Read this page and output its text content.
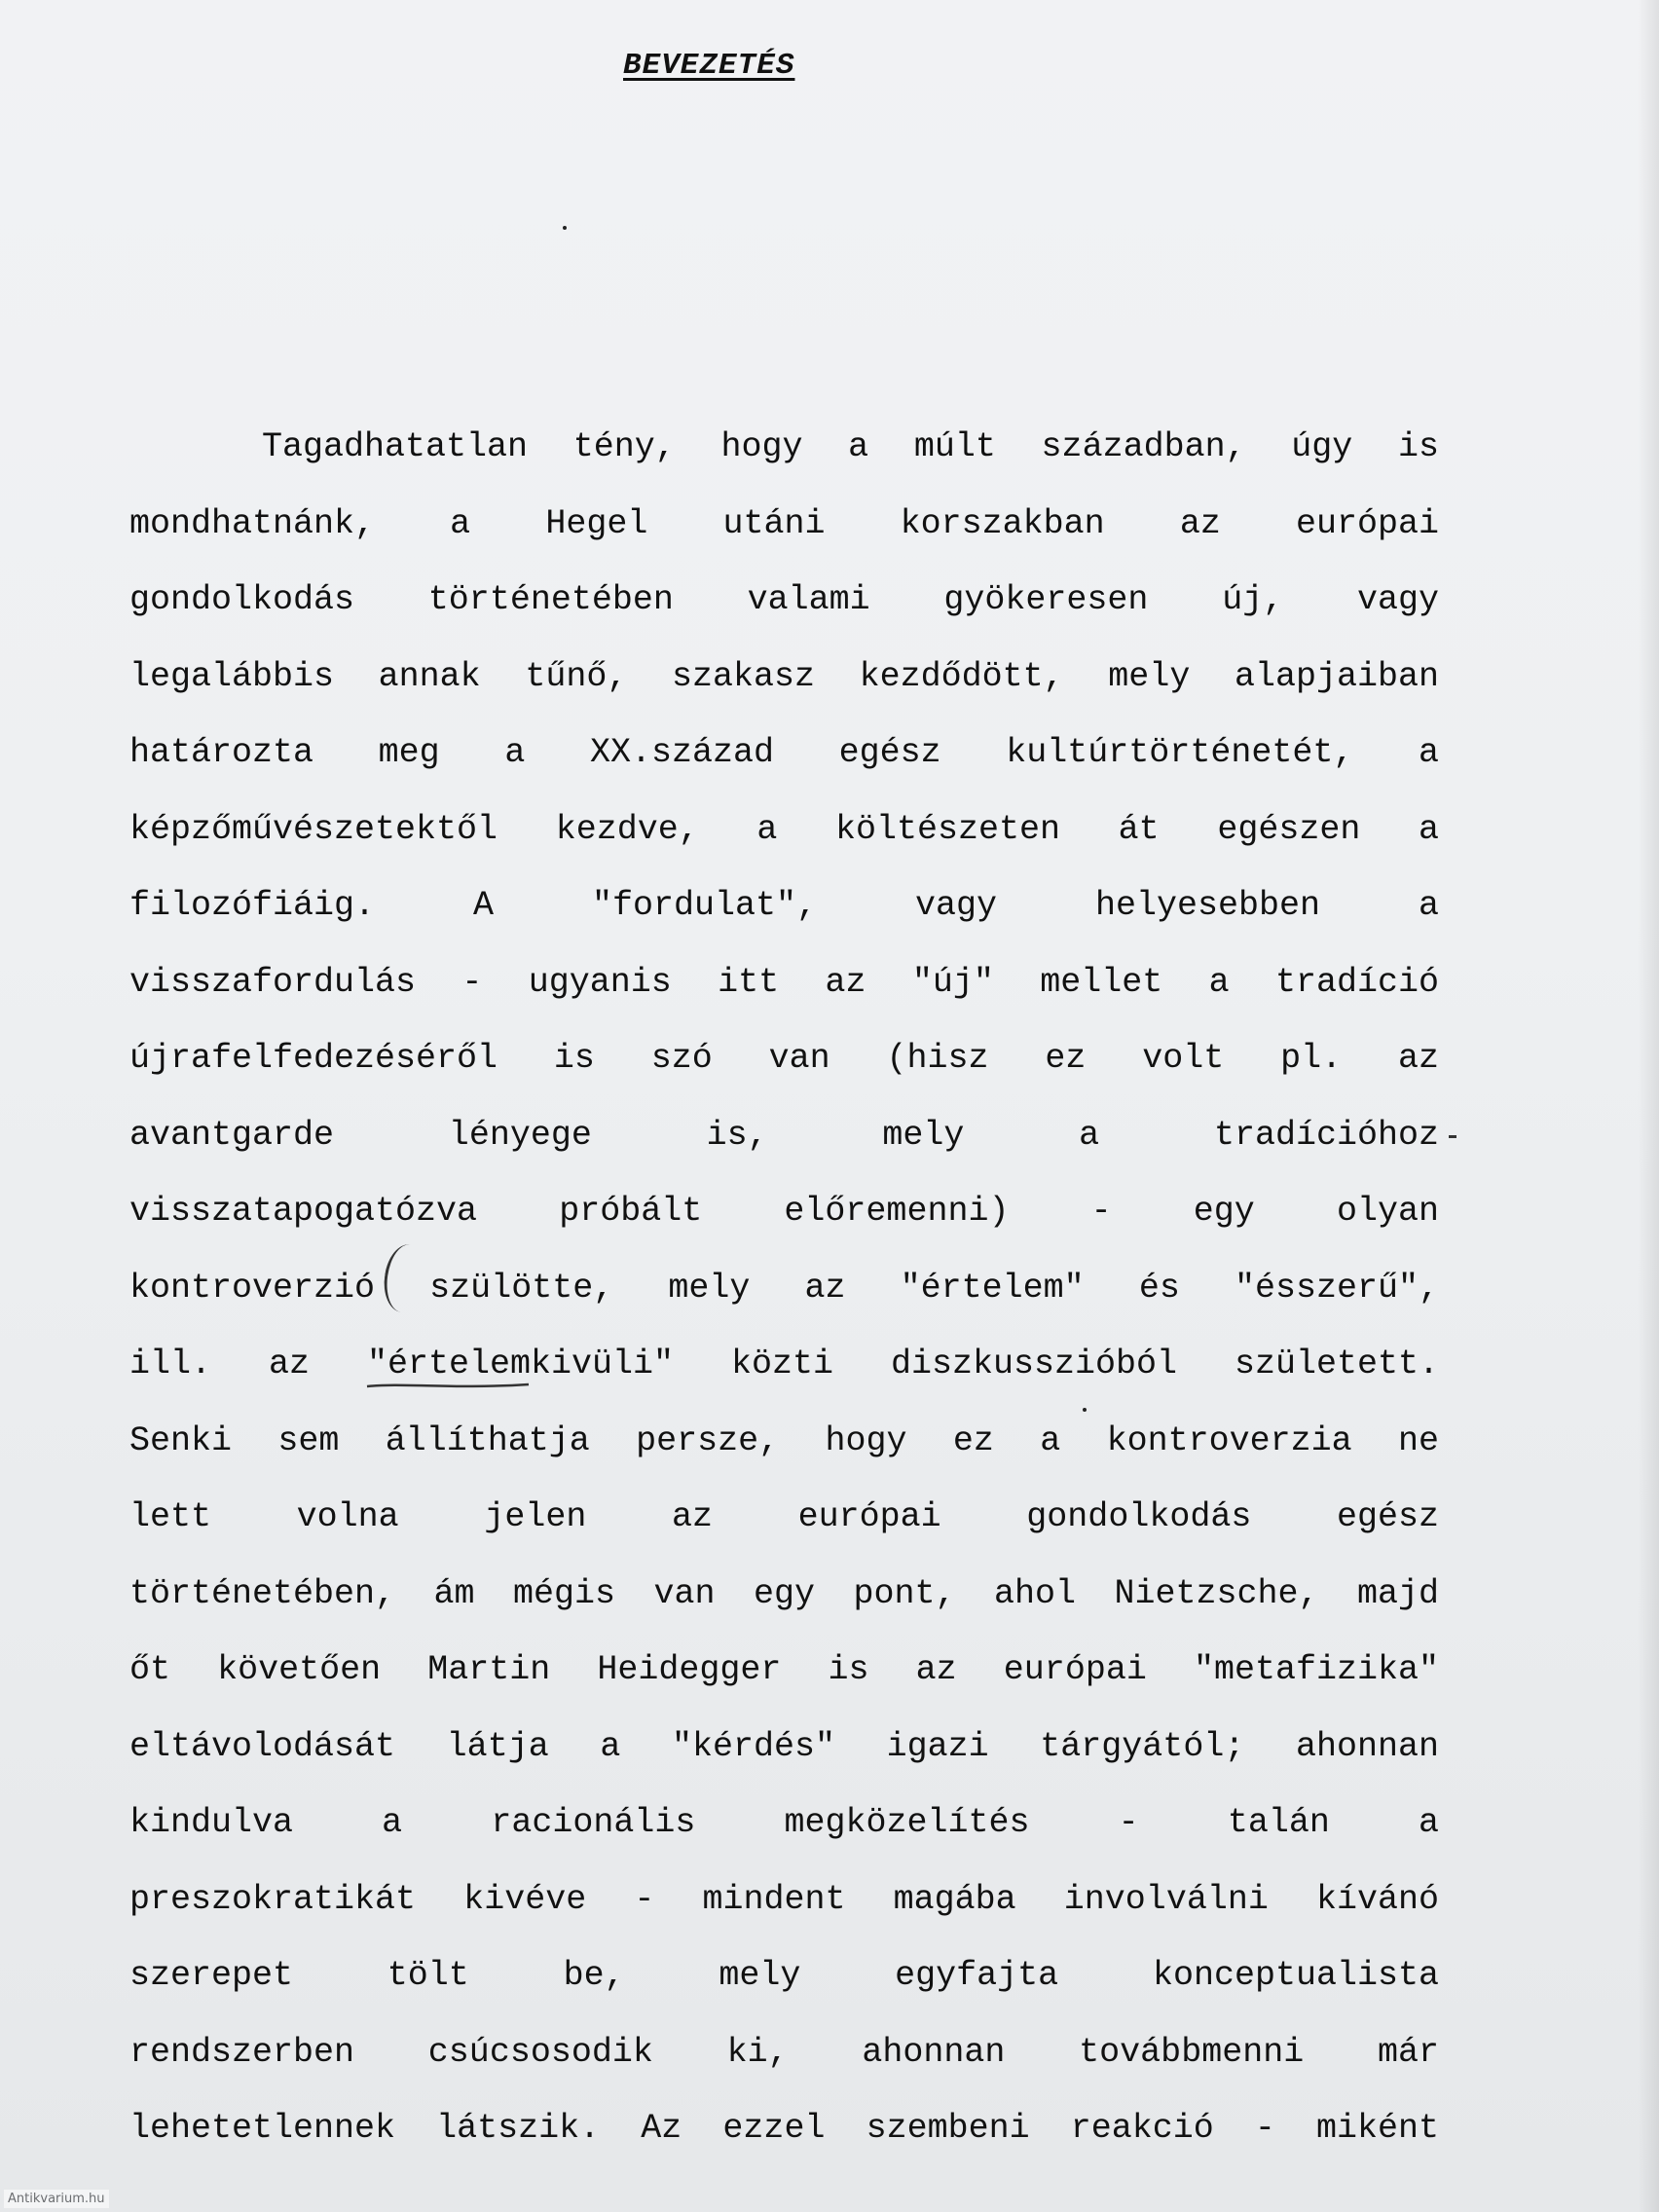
BEVEZETÉS
Tagadhatatlan tény, hogy a múlt században, úgy is
mondhatnánk, a Hegel utáni korszakban az európai
gondolkodás történetében valami gyökeresen új, vagy
legalábbis annak tűnő, szakasz kezdődött, mely alapjaiban
határozta meg a XX.század egész kultúrtörténetét, a
képzőművészetektől kezdve, a költészeten át egészen a
filozófiáig. A "fordulat", vagy helyesebben a
visszafordulás - ugyanis itt az "új" mellet a tradíció
újrafelfedezéséről is szó van (hisz ez volt pl. az
avantgarde lényege is, mely a tradícióhoz
visszatapogatózva próbált előremenni) - egy olyan
kontroverzió szülötte, mely az "értelem" és "ésszerű",
ill. az "értelemkivüli" közti diszkusszióból született.
Senki sem állíthatja persze, hogy ez a kontroverzia ne
lett volna jelen az európai gondolkodás egész
történetében, ám mégis van egy pont, ahol Nietzsche, majd
őt követően Martin Heidegger is az európai "metafizika"
eltávolodását látja a "kérdés" igazi tárgyától; ahonnan
kindulva a racionális megközelítés - talán a
preszokratikát kivéve - mindent magába involválni kívánó
szerepet tölt be, mely egyfajta konceptualista
rendszerben csúcsosodik ki, ahonnan továbbmenni már
lehetetlennek látszik. Az ezzel szembeni reakció - miként
Antikvarium.hu
